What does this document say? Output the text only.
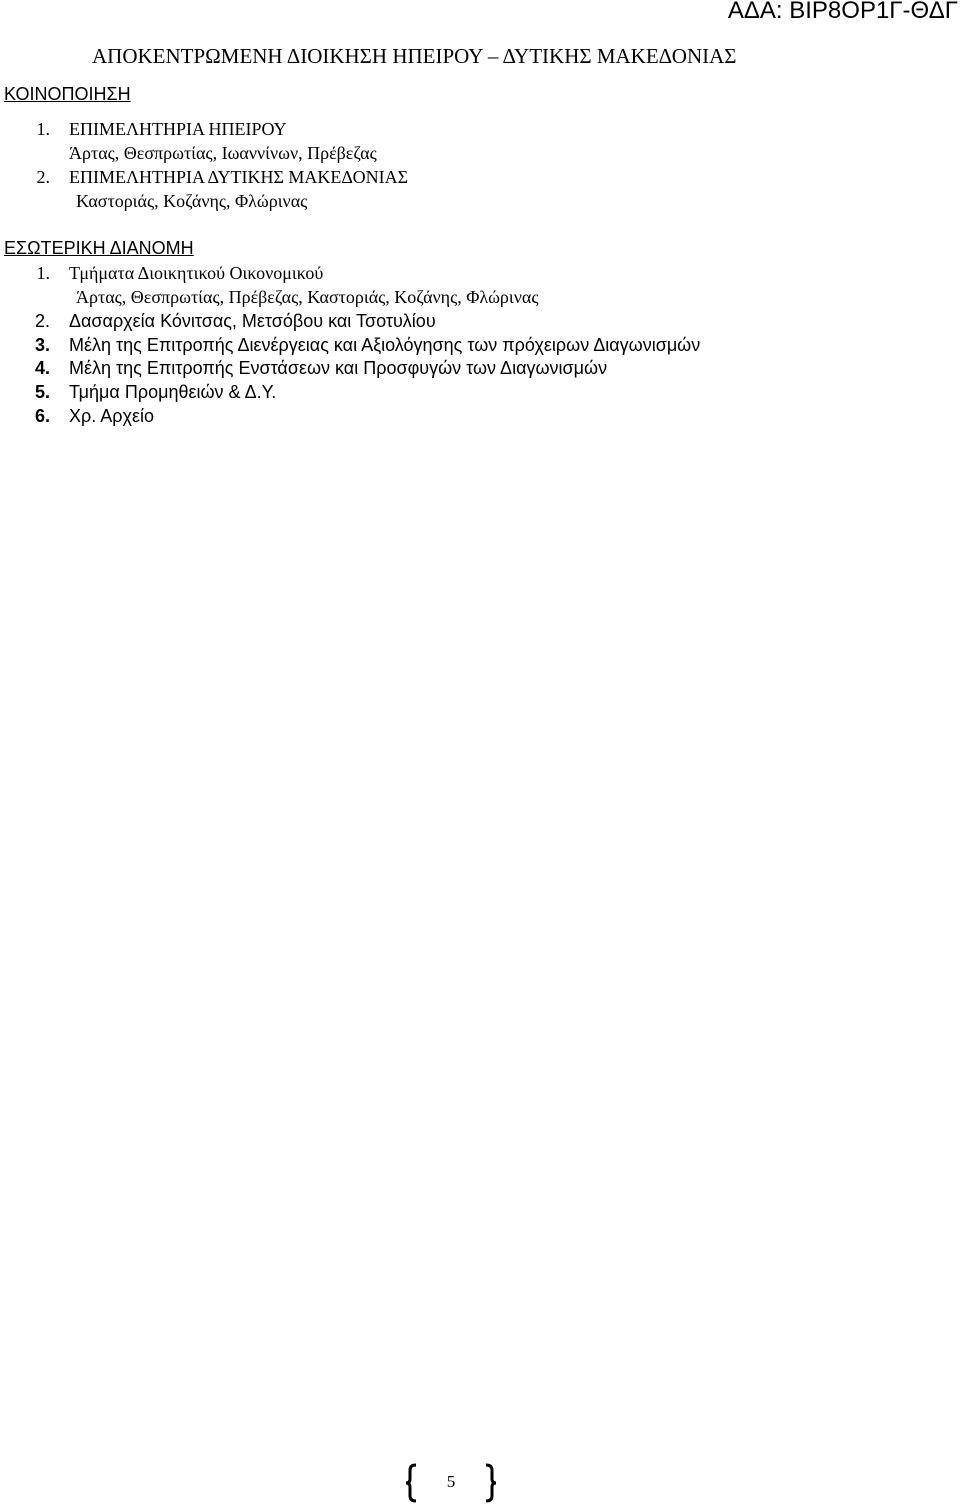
ΑΔΑ: ΒΙΡ8ΟΡ1Γ-ΘΔΓ
ΑΠΟΚΕΝΤΡΩΜΕΝΗ ΔΙΟΙΚΗΣΗ ΗΠΕΙΡΟΥ – ΔΥΤΙΚΗΣ ΜΑΚΕΔΟΝΙΑΣ
ΚΟΙΝΟΠΟΙΗΣΗ
1. ΕΠΙΜΕΛΗΤΗΡΙΑ ΗΠΕΙΡΟΥ
Άρτας, Θεσπρωτίας, Ιωαννίνων, Πρέβεζας
2. ΕΠΙΜΕΛΗΤΗΡΙΑ ΔΥΤΙΚΗΣ ΜΑΚΕΔΟΝΙΑΣ
Καστοριάς, Κοζάνης, Φλώρινας
ΕΣΩΤΕΡΙΚΗ ΔΙΑΝΟΜΗ
1. Τμήματα Διοικητικού Οικονομικού
Άρτας, Θεσπρωτίας, Πρέβεζας, Καστοριάς, Κοζάνης, Φλώρινας
2. Δασαρχεία Κόνιτσας, Μετσόβου και Τσοτυλίου
3. Μέλη της Επιτροπής Διενέργειας και Αξιολόγησης των πρόχειρων Διαγωνισμών
4. Μέλη της Επιτροπής Ενστάσεων και Προσφυγών των Διαγωνισμών
5. Τμήμα Προμηθειών & Δ.Υ.
6. Χρ. Αρχείο
5
